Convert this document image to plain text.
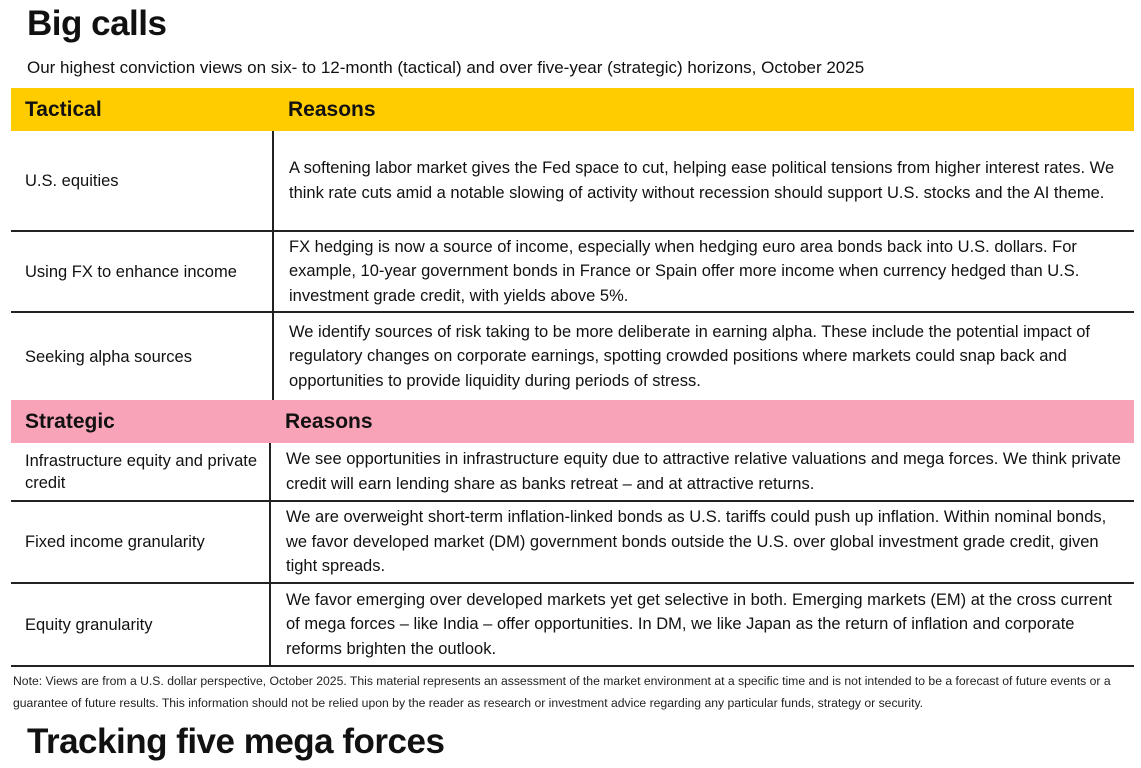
Big calls

Our highest conviction views on six- to 12-month (tactical) and over five-year (strategic) horizons, October 2025

Tactical	Reasons
U.S. equities
A softening labor market gives the Fed space to cut, helping ease political tensions from higher interest rates. We think rate cuts amid a notable slowing of activity without recession should support U.S. stocks and the AI theme.
Using FX to enhance income
FX hedging is now a source of income, especially when hedging euro area bonds back into U.S. dollars. For example, 10-year government bonds in France or Spain offer more income when currency hedged than U.S. investment grade credit, with yields above 5%.
Seeking alpha sources
We identify sources of risk taking to be more deliberate in earning alpha. These include the potential impact of regulatory changes on corporate earnings, spotting crowded positions where markets could snap back and opportunities to provide liquidity during periods of stress.
Strategic	Reasons
Infrastructure equity and private credit
We see opportunities in infrastructure equity due to attractive relative valuations and mega forces. We think private credit will earn lending share as banks retreat – and at attractive returns.
Fixed income granularity
We are overweight short-term inflation-linked bonds as U.S. tariffs could push up inflation. Within nominal bonds, we favor developed market (DM) government bonds outside the U.S. over global investment grade credit, given tight spreads.
Equity granularity
We favor emerging over developed markets yet get selective in both. Emerging markets (EM) at the cross current of mega forces – like India – offer opportunities. In DM, we like Japan as the return of inflation and corporate reforms brighten the outlook.

Note: Views are from a U.S. dollar perspective, October 2025. This material represents an assessment of the market environment at a specific time and is not intended to be a forecast of future events or a guarantee of future results. This information should not be relied upon by the reader as research or investment advice regarding any particular funds, strategy or security.

Tracking five mega forces
